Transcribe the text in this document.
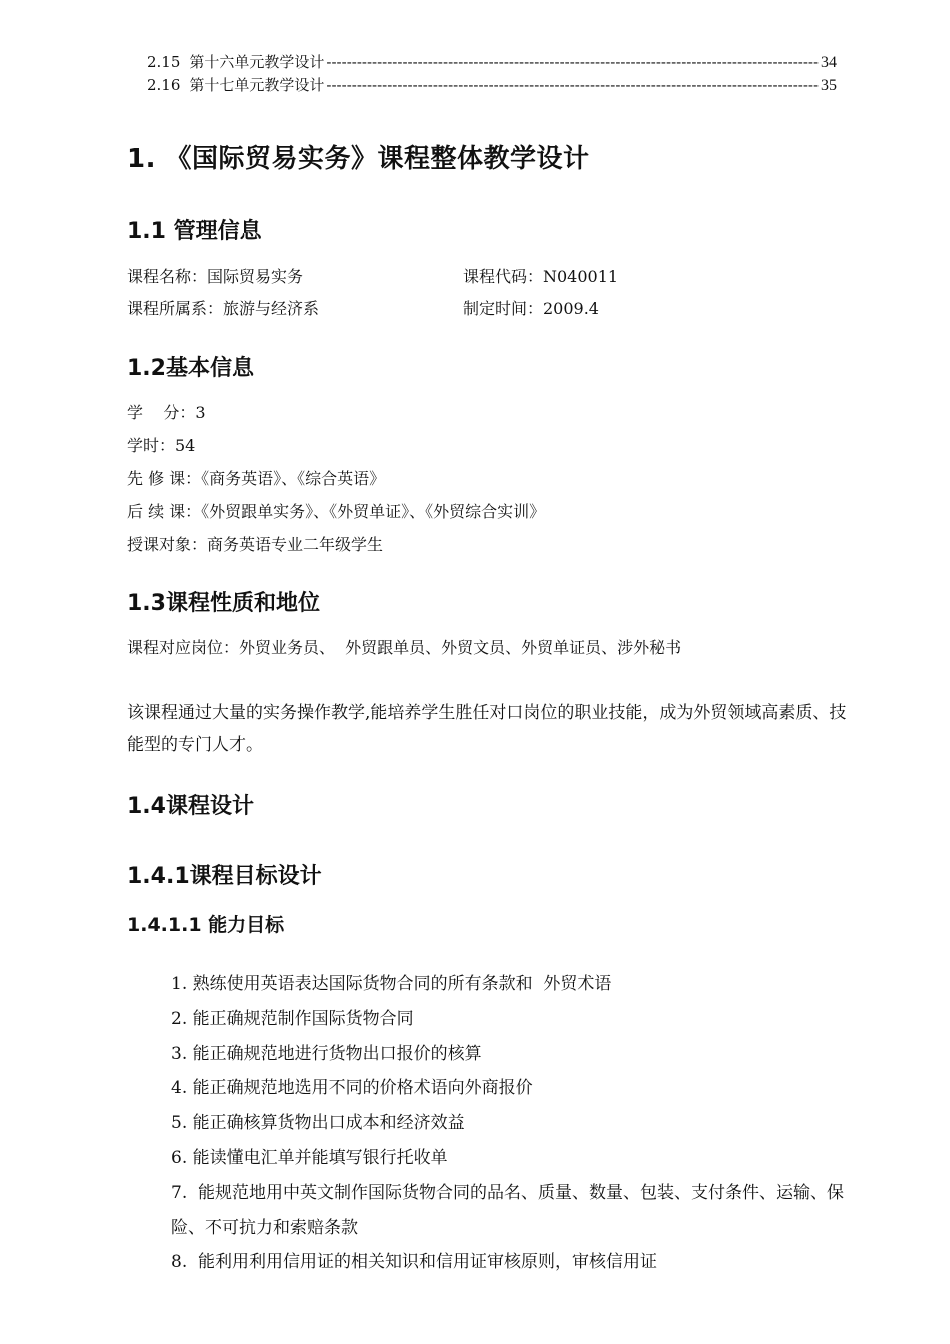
2.15 第十六单元教学设计 -----	34
2.16 第十七单元教学设计 -----	35
1. 《国际贸易实务》课程整体教学设计
1.1 管理信息
课程名称：国际贸易实务	课程代码：N040011
课程所属系：旅游与经济系	制定时间：2009.4
1.2基本信息
学    分：3
学时：54
先 修 课：《商务英语》、《综合英语》
后 续 课：《外贸跟单实务》、《外贸单证》、《外贸综合实训》
授课对象：商务英语专业二年级学生
1.3课程性质和地位
课程对应岗位：外贸业务员、  外贸跟单员、外贸文员、外贸单证员、涉外秘书
该课程通过大量的实务操作教学,能培养学生胜任对口岗位的职业技能，成为外贸领域高素质、技能型的专门人才。
1.4课程设计
1.4.1课程目标设计
1.4.1.1 能力目标
1. 熟练使用英语表达国际货物合同的所有条款和  外贸术语
2. 能正确规范制作国际货物合同
3. 能正确规范地进行货物出口报价的核算
4. 能正确规范地选用不同的价格术语向外商报价
5. 能正确核算货物出口成本和经济效益
6. 能读懂电汇单并能填写银行托收单
7.  能规范地用中英文制作国际货物合同的品名、质量、数量、包装、支付条件、运输、保险、不可抗力和索赔条款
8.  能利用利用信用证的相关知识和信用证审核原则，审核信用证
